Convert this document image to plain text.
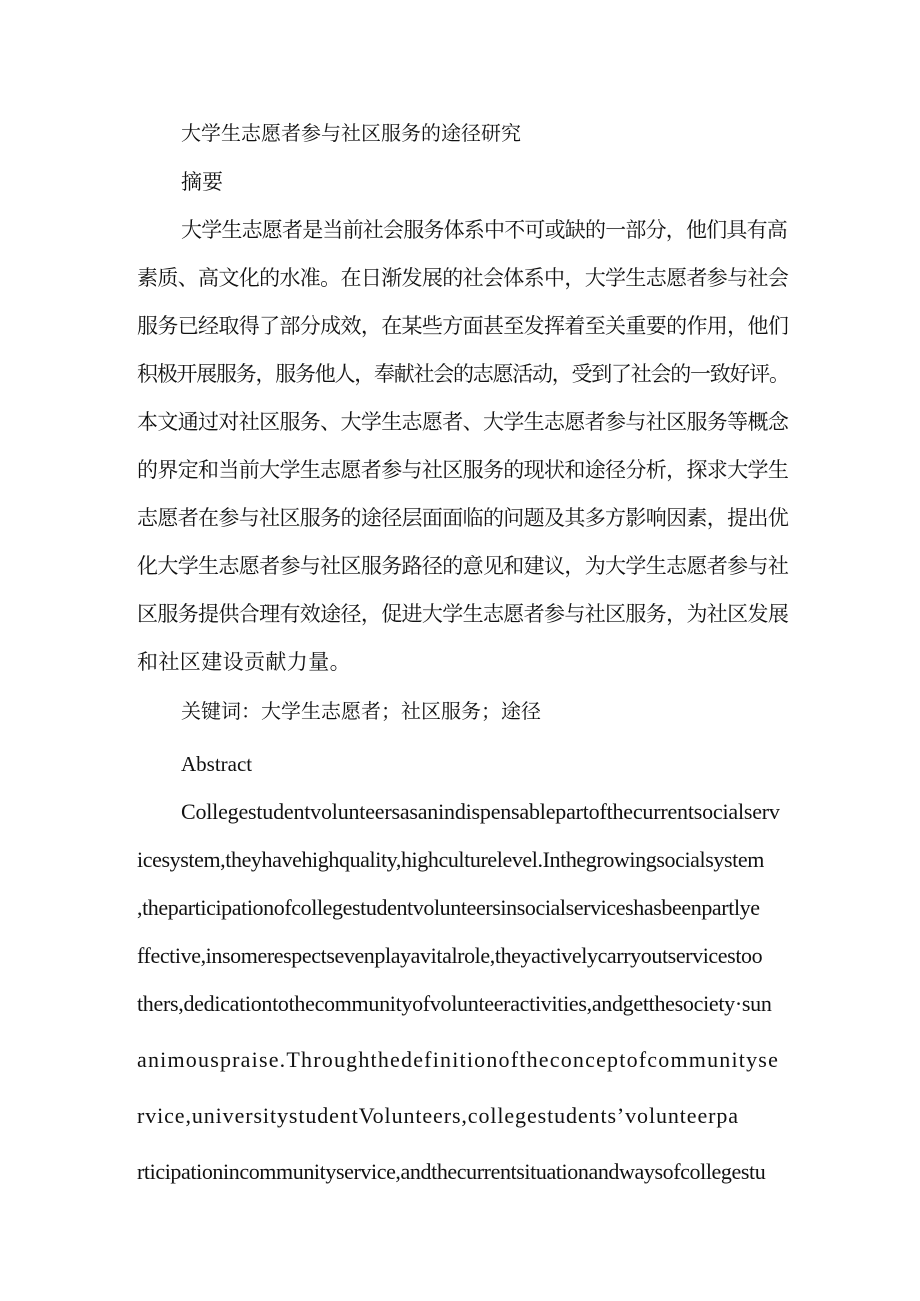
大学生志愿者参与社区服务的途径研究
摘要
大学生志愿者是当前社会服务体系中不可或缺的一部分，他们具有高
素质、高文化的水准。在日渐发展的社会体系中，大学生志愿者参与社会
服务已经取得了部分成效，在某些方面甚至发挥着至关重要的作用，他们
积极开展服务，服务他人，奉献社会的志愿活动，受到了社会的一致好评。
本文通过对社区服务、大学生志愿者、大学生志愿者参与社区服务等概念
的界定和当前大学生志愿者参与社区服务的现状和途径分析，探求大学生
志愿者在参与社区服务的途径层面面临的问题及其多方影响因素，提出优
化大学生志愿者参与社区服务路径的意见和建议，为大学生志愿者参与社
区服务提供合理有效途径，促进大学生志愿者参与社区服务，为社区发展
和社区建设贡献力量。
关键词：大学生志愿者；社区服务；途径
Abstract
Collegestudentvolunteersasanindispensablepartofthecurrentsocialserv
icesystem,theyhavehighquality,highculturelevel.Inthegrowingsocialsystem
,theparticipationofcollegestudentvolunteersinsocialserviceshasbeenpartlye
ffective,insomerespectsevenplayavitalrole,theyactivelycarryoutservicestoo
thers,dedicationtothecommunityofvolunteeractivities,andgetthesociety·sun
animouspraise.Throughthedefinitionoftheconceptofcommunityse
rvice,universitystudentVolunteers,collegestudents’volunteerpa
rticipationincommunityservice,andthecurrentsituationandwaysofcollegestu
